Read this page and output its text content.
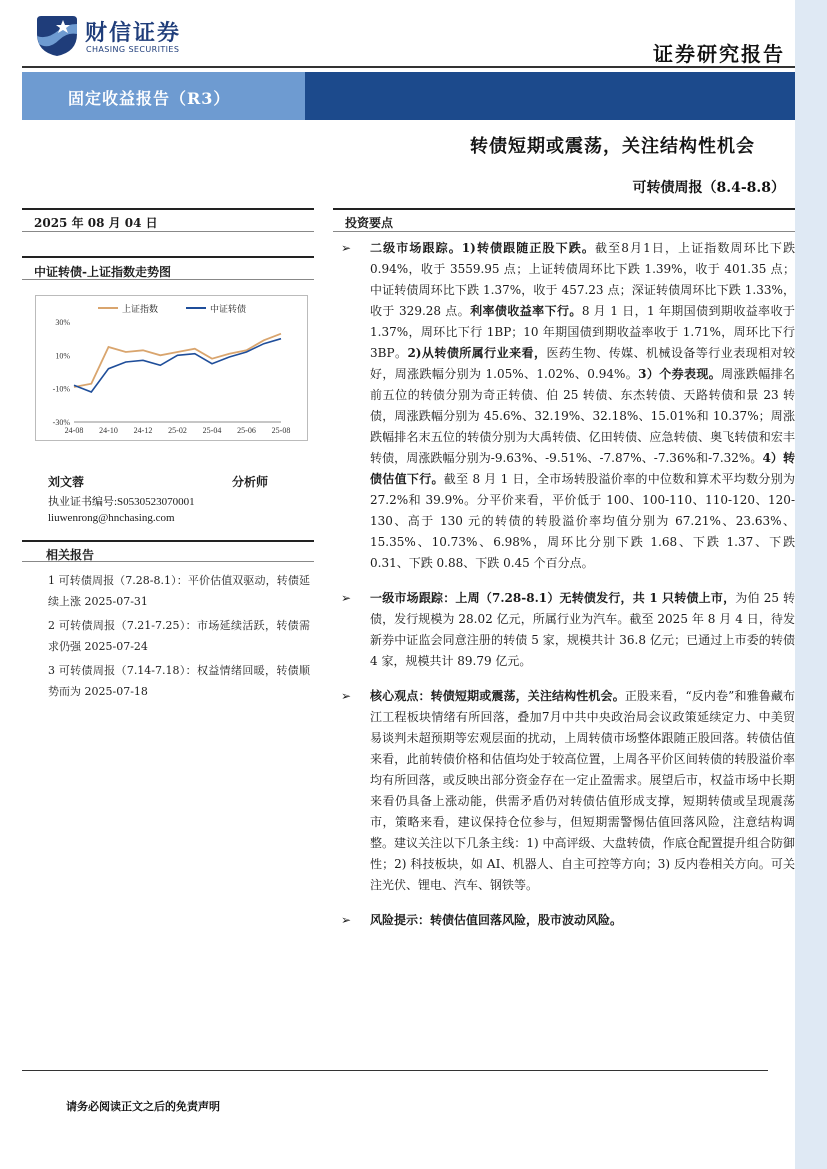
财信证券
CHASING SECURITIES	证券研究报告
固定收益报告（R3）
转债短期或震荡，关注结构性机会
可转债周报（8.4-8.8）
2025 年 08 月 04 日
中证转债-上证指数走势图
上证指数	中证转债
30%
10%
-10%
-30%
24-08 24-10 24-12 25-02 25-04 25-06 25-08
刘文蓉	分析师
执业证书编号:S0530523070001
liuwenrong@hnchasing.com
相关报告
1 可转债周报（7.28-8.1）：平价估值双驱动，转债延续上涨 2025-07-31
2 可转债周报（7.21-7.25）：市场延续活跃，转债需求仍强 2025-07-24
3 可转债周报（7.14-7.18）：权益情绪回暖，转债顺势而为 2025-07-18
投资要点
➢ 二级市场跟踪。1)转债跟随正股下跌。截至8月1日，上证指数周环比下跌 0.94%，收于 3559.95 点；上证转债周环比下跌 1.39%，收于 401.35 点；中证转债周环比下跌 1.37%，收于 457.23 点；深证转债周环比下跌 1.33%，收于 329.28 点。利率债收益率下行。8 月 1 日，1 年期国债到期收益率收于 1.37%，周环比下行 1BP；10 年期国债到期收益率收于 1.71%，周环比下行 3BP。2)从转债所属行业来看，医药生物、传媒、机械设备等行业表现相对较好，周涨跌幅分别为 1.05%、1.02%、0.94%。3）个券表现。周涨跌幅排名前五位的转债分别为奇正转债、伯 25 转债、东杰转债、天路转债和景 23 转债，周涨跌幅分别为 45.6%、32.19%、32.18%、15.01%和 10.37%；周涨跌幅排名末五位的转债分别为大禹转债、亿田转债、应急转债、奥飞转债和宏丰转债，周涨跌幅分别为-9.63%、-9.51%、-7.87%、-7.36%和-7.32%。4）转债估值下行。截至 8 月 1 日，全市场转股溢价率的中位数和算术平均数分别为 27.2%和 39.9%。分平价来看，平价低于 100、100-110、110-120、120-130、高于 130 元的转债的转股溢价率均值分别为 67.21%、23.63%、15.35%、10.73%、6.98%，周环比分别下跌 1.68、下跌 1.37、下跌 0.31、下跌 0.88、下跌 0.45 个百分点。
➢ 一级市场跟踪：上周（7.28-8.1）无转债发行，共 1 只转债上市，为伯 25 转债，发行规模为 28.02 亿元，所属行业为汽车。截至 2025 年 8 月 4 日，待发新券中证监会同意注册的转债 5 家，规模共计 36.8 亿元；已通过上市委的转债 4 家，规模共计 89.79 亿元。
➢ 核心观点：转债短期或震荡，关注结构性机会。正股来看，“反内卷”和雅鲁藏布江工程板块情绪有所回落，叠加7月中共中央政治局会议政策延续定力、中美贸易谈判未超预期等宏观层面的扰动，上周转债市场整体跟随正股回落。转债估值来看，此前转债价格和估值均处于较高位置，上周各平价区间转债的转股溢价率均有所回落，或反映出部分资金存在一定止盈需求。展望后市，权益市场中长期来看仍具备上涨动能，供需矛盾仍对转债估值形成支撑，短期转债或呈现震荡市，策略来看，建议保持仓位参与，但短期需警惕估值回落风险，注意结构调整。建议关注以下几条主线：1) 中高评级、大盘转债，作底仓配置提升组合防御性；2) 科技板块，如 AI、机器人、自主可控等方向；3) 反内卷相关方向。可关注光伏、锂电、汽车、钢铁等。
➢ 风险提示：转债估值回落风险，股市波动风险。
请务必阅读正文之后的免责声明
